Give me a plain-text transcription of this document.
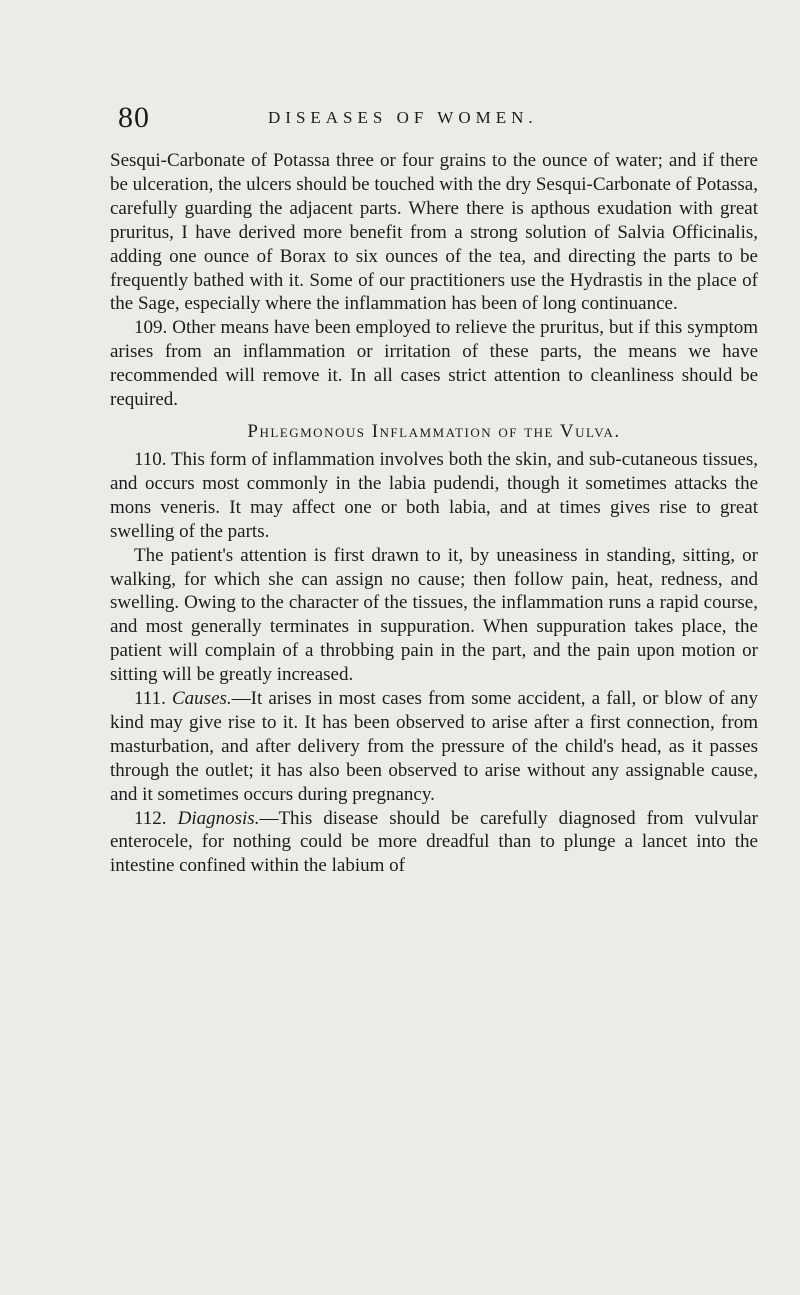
80	DISEASES OF WOMEN.

Sesqui-Carbonate of Potassa three or four grains to the ounce of water; and if there be ulceration, the ulcers should be touched with the dry Sesqui-Carbonate of Potassa, carefully guarding the adjacent parts. Where there is apthous exudation with great pruritus, I have derived more benefit from a strong solution of Salvia Officinalis, adding one ounce of Borax to six ounces of the tea, and directing the parts to be frequently bathed with it. Some of our practitioners use the Hydrastis in the place of the Sage, especially where the inflammation has been of long continuance.

109. Other means have been employed to relieve the pruritus, but if this symptom arises from an inflammation or irritation of these parts, the means we have recommended will remove it. In all cases strict attention to cleanliness should be required.

Phlegmonous Inflammation of the Vulva.

110. This form of inflammation involves both the skin, and sub-cutaneous tissues, and occurs most commonly in the labia pudendi, though it sometimes attacks the mons veneris. It may affect one or both labia, and at times gives rise to great swelling of the parts.

The patient's attention is first drawn to it, by uneasiness in standing, sitting, or walking, for which she can assign no cause; then follow pain, heat, redness, and swelling. Owing to the character of the tissues, the inflammation runs a rapid course, and most generally terminates in suppuration. When suppuration takes place, the patient will complain of a throbbing pain in the part, and the pain upon motion or sitting will be greatly increased.

111. Causes.—It arises in most cases from some accident, a fall, or blow of any kind may give rise to it. It has been observed to arise after a first connection, from masturbation, and after delivery from the pressure of the child's head, as it passes through the outlet; it has also been observed to arise without any assignable cause, and it sometimes occurs during pregnancy.

112. Diagnosis.—This disease should be carefully diagnosed from vulvular enterocele, for nothing could be more dreadful than to plunge a lancet into the intestine confined within the labium of
